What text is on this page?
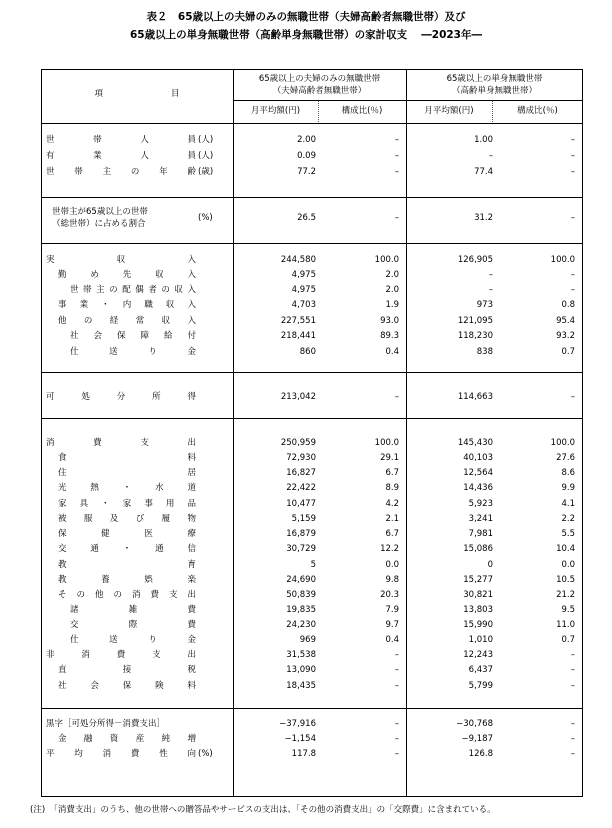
表２　65歳以上の夫婦のみの無職世帯（夫婦高齢者無職世帯）及び
65歳以上の単身無職世帯（高齢単身無職世帯）の家計収支　 ―2023年―
項　　　　　　　　目
65歳以上の夫婦のみの無職世帯
（夫婦高齢者無職世帯）
65歳以上の単身無職世帯
（高齢単身無職世帯）
月平均額(円)	構成比(％)	月平均額(円)	構成比(％)
世帯人員 (人)	2.00	–	1.00	–
有業人員 (人)	0.09	–	–	–
世帯主の年齢 (歳)	77.2	–	77.4	–
世帯主が65歳以上の世帯
（総世帯）に占める割合
(%)	26.5	–	31.2	–
実収入	244,580	100.0	126,905	100.0
勤め先収入	4,975	2.0	–	–
世帯主の配偶者の収入	4,975	2.0	–	–
事業・内職収入	4,703	1.9	973	0.8
他の経常収入	227,551	93.0	121,095	95.4
社会保障給付	218,441	89.3	118,230	93.2
仕送り金	860	0.4	838	0.7
可処分所得	213,042	–	114,663	–
消費支出	250,959	100.0	145,430	100.0
食料	72,930	29.1	40,103	27.6
住居	16,827	6.7	12,564	8.6
光熱・水道	22,422	8.9	14,436	9.9
家具・家事用品	10,477	4.2	5,923	4.1
被服及び履物	5,159	2.1	3,241	2.2
保健医療	16,879	6.7	7,981	5.5
交通・通信	30,729	12.2	15,086	10.4
教育	5	0.0	0	0.0
教養娯楽	24,690	9.8	15,277	10.5
その他の消費支出	50,839	20.3	30,821	21.2
諸雑費	19,835	7.9	13,803	9.5
交際費	24,230	9.7	15,990	11.0
仕送り金	969	0.4	1,010	0.7
非消費支出	31,538	–	12,243	–
直接税	13,090	–	6,437	–
社会保険料	18,435	–	5,799	–
黒字［可処分所得－消費支出］	−37,916	–	−30,768	–
金融資産純増	−1,154	–	−9,187	–
平均消費性向 (%)	117.8	–	126.8	–
(注)　「消費支出」のうち、他の世帯への贈答品やサービスの支出は、「その他の消費支出」の「交際費」に含まれている。
